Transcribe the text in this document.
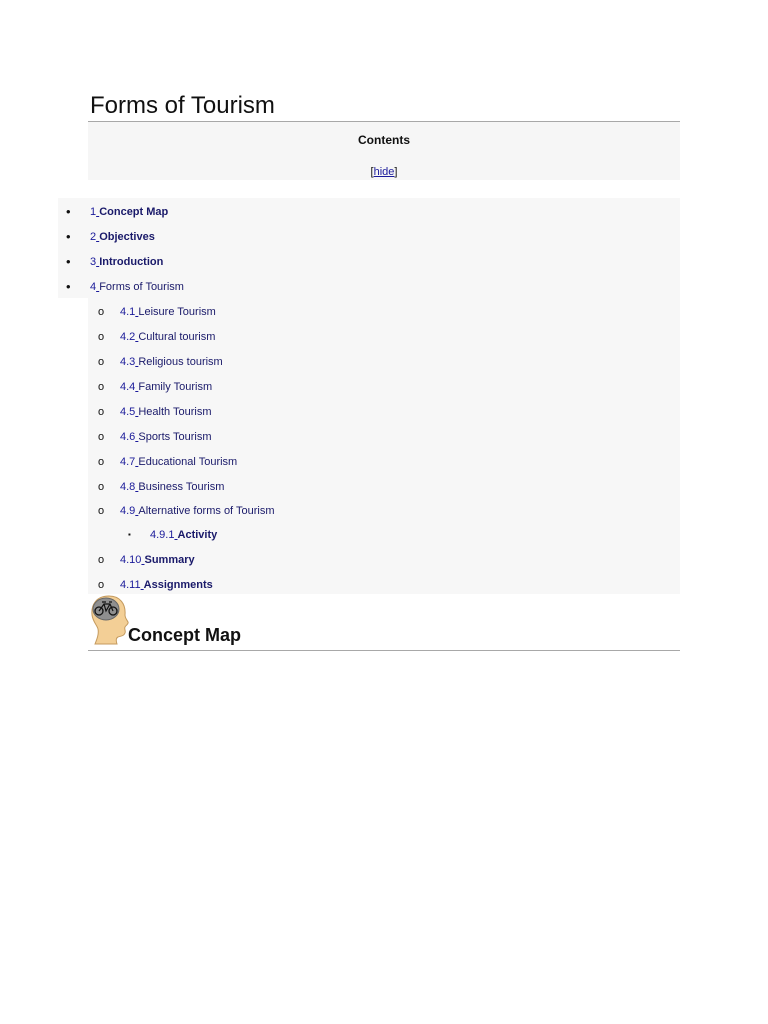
Forms of Tourism
Contents
[hide]
• 1 Concept Map
• 2 Objectives
• 3 Introduction
• 4 Forms of Tourism
o 4.1 Leisure Tourism
o 4.2 Cultural tourism
o 4.3 Religious tourism
o 4.4 Family Tourism
o 4.5 Health Tourism
o 4.6 Sports Tourism
o 4.7 Educational Tourism
o 4.8 Business Tourism
o 4.9 Alternative forms of Tourism
▪ 4.9.1 Activity
o 4.10 Summary
o 4.11 Assignments
Concept Map
